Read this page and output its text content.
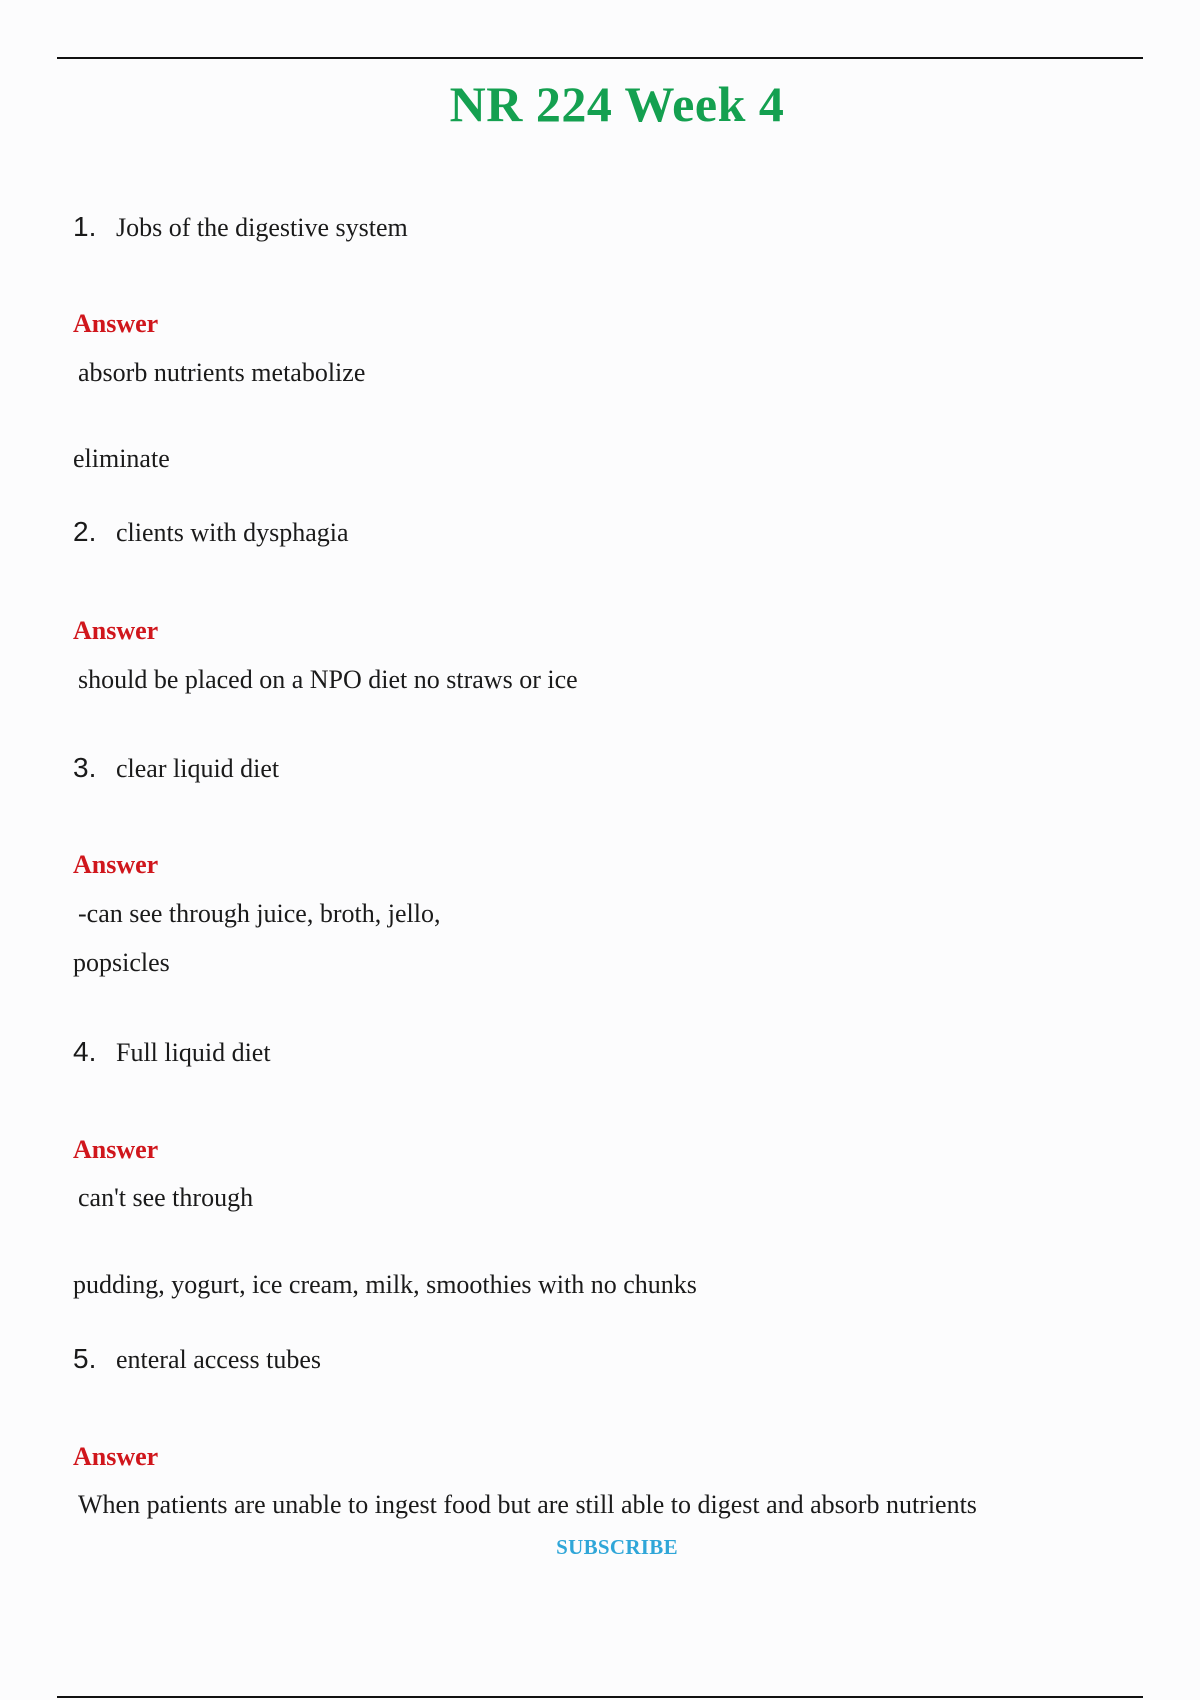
NR 224 Week 4
1. Jobs of the digestive system
Answer
absorb nutrients metabolize
eliminate
2. clients with dysphagia
Answer
should be placed on a NPO diet no straws or ice
3. clear liquid diet
Answer
-can see through juice, broth, jello,
popsicles
4. Full liquid diet
Answer
can't see through
pudding, yogurt, ice cream, milk, smoothies with no chunks
5. enteral access tubes
Answer
When patients are unable to ingest food but are still able to digest and absorb nutrients
SUBSCRIBE
